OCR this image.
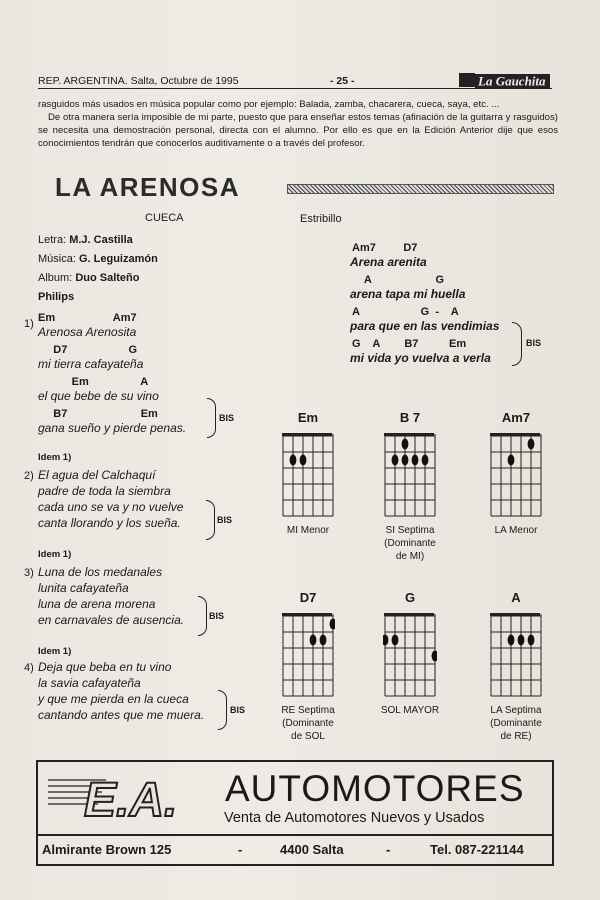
REP. ARGENTINA. Salta, Octubre de 1995	- 25 -	La Gauchita

rasguidos más usados en música popular como por ejemplo: Balada, zamba, chacarera, cueca, saya, etc. ...

De otra manera sería imposible de mi parte, puesto que para enseñar estos temas (afinación de la guitarra y rasguidos) se necesita una demostración personal, directa con el alumno. Por ello es que en la Edición Anterior dije que esos conocimientos tendrán que conocerlos auditivamente o a través del profesor.

LA ARENOSA
CUECA	Estribillo
Letra: M.J. Castilla
Música: G. Leguizamón
Album: Duo Salteño
Philips
1) Em                   Am7
Arenosa Arenosita
D7                    G
mi tierra cafayateña
Em                 A
el que bebe de su vino
B7                        Em
gana sueño y pierde penas.
BIS
Idem 1)
2) El agua del Calchaquí
padre de toda la siembra
cada uno se va y no vuelve
canta llorando y los sueña.	BIS
Idem 1)
3) Luna de los medanales
lunita cafayateña
luna de arena morena
en carnavales de ausencia.	BIS
Idem 1)
4) Deja que beba en tu vino
la savia cafayateña
y que me pierda en la cueca
cantando antes que me muera.	BIS
Am7         D7
Arena arenita
A                     G
arena tapa mi huella
A                    G  -    A
para que en las vendimias
G    A        B7          Em
mi vida yo vuelva a verla
BIS
Em
MI Menor
B 7
SI Septima
(Dominante
de MI)
Am7
LA Menor
D7
RE Septima
(Dominante
de SOL
G
SOL MAYOR
A
LA Septima
(Dominante
de RE)
E.A. AUTOMOTORES
Venta de Automotores Nuevos y Usados
Almirante Brown 125	-	4400 Salta	-	Tel. 087-221144
